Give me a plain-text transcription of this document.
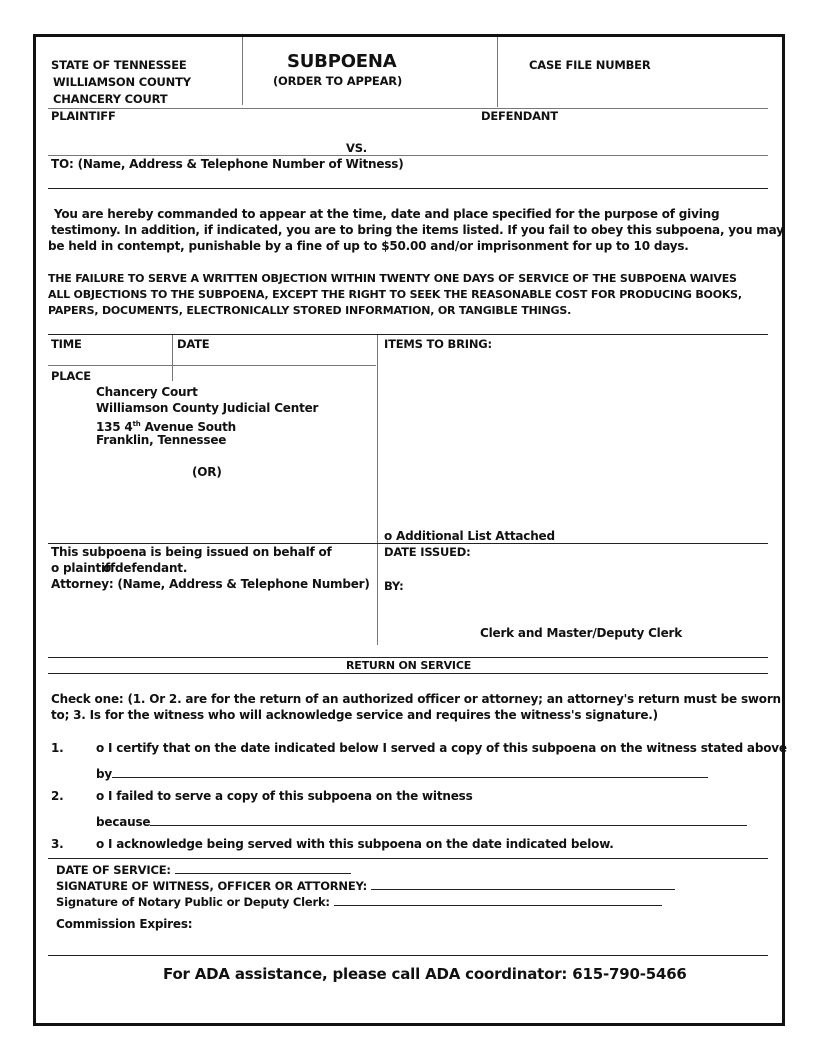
STATE OF TENNESSEE
WILLIAMSON COUNTY
CHANCERY COURT
SUBPOENA
(ORDER TO APPEAR)
CASE FILE NUMBER
PLAINTIFF	DEFENDANT
VS.
TO: (Name, Address & Telephone Number of Witness)
You are hereby commanded to appear at the time, date and place specified for the purpose of giving
testimony. In addition, if indicated, you are to bring the items listed. If you fail to obey this subpoena, you may
be held in contempt, punishable by a fine of up to $50.00 and/or imprisonment for up to 10 days.
THE FAILURE TO SERVE A WRITTEN OBJECTION WITHIN TWENTY ONE DAYS OF SERVICE OF THE SUBPOENA WAIVES
ALL OBJECTIONS TO THE SUBPOENA, EXCEPT THE RIGHT TO SEEK THE REASONABLE COST FOR PRODUCING BOOKS,
PAPERS, DOCUMENTS, ELECTRONICALLY STORED INFORMATION, OR TANGIBLE THINGS.
TIME	DATE
PLACE
Chancery Court
Williamson County Judicial Center
135 4th Avenue South
Franklin, Tennessee
(OR)
ITEMS TO BRING:
o Additional List Attached
This subpoena is being issued on behalf of
o plaintiff
o defendant.
Attorney: (Name, Address & Telephone Number)
DATE ISSUED:
BY:
Clerk and Master/Deputy Clerk
RETURN ON SERVICE
Check one: (1. Or 2. are for the return of an authorized officer or attorney; an attorney's return must be sworn
to; 3. Is for the witness who will acknowledge service and requires the witness's signature.)
1.	o I certify that on the date indicated below I served a copy of this subpoena on the witness stated above
by
2.	o I failed to serve a copy of this subpoena on the witness
because
3.	o I acknowledge being served with this subpoena on the date indicated below.
DATE OF SERVICE:
SIGNATURE OF WITNESS, OFFICER OR ATTORNEY:
Signature of Notary Public or Deputy Clerk:
Commission Expires:
For ADA assistance, please call ADA coordinator: 615-790-5466
